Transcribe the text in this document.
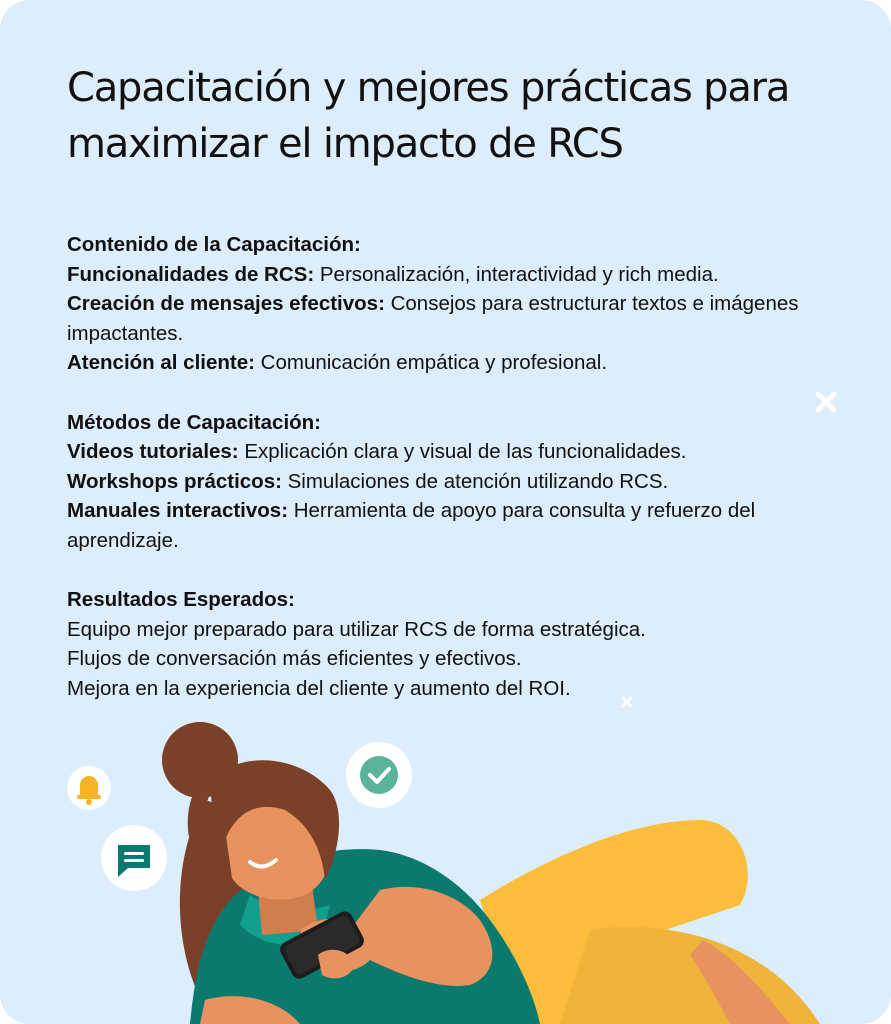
Capacitación y mejores prácticas para maximizar el impacto de RCS

Contenido de la Capacitación:

Funcionalidades de RCS: Personalización, interactividad y rich media.

Creación de mensajes efectivos: Consejos para estructurar textos e imágenes impactantes.

Atención al cliente: Comunicación empática y profesional.

Métodos de Capacitación:

Videos tutoriales: Explicación clara y visual de las funcionalidades.

Workshops prácticos: Simulaciones de atención utilizando RCS.

Manuales interactivos: Herramienta de apoyo para consulta y refuerzo del aprendizaje.

Resultados Esperados:

Equipo mejor preparado para utilizar RCS de forma estratégica.

Flujos de conversación más eficientes y efectivos.

Mejora en la experiencia del cliente y aumento del ROI.
